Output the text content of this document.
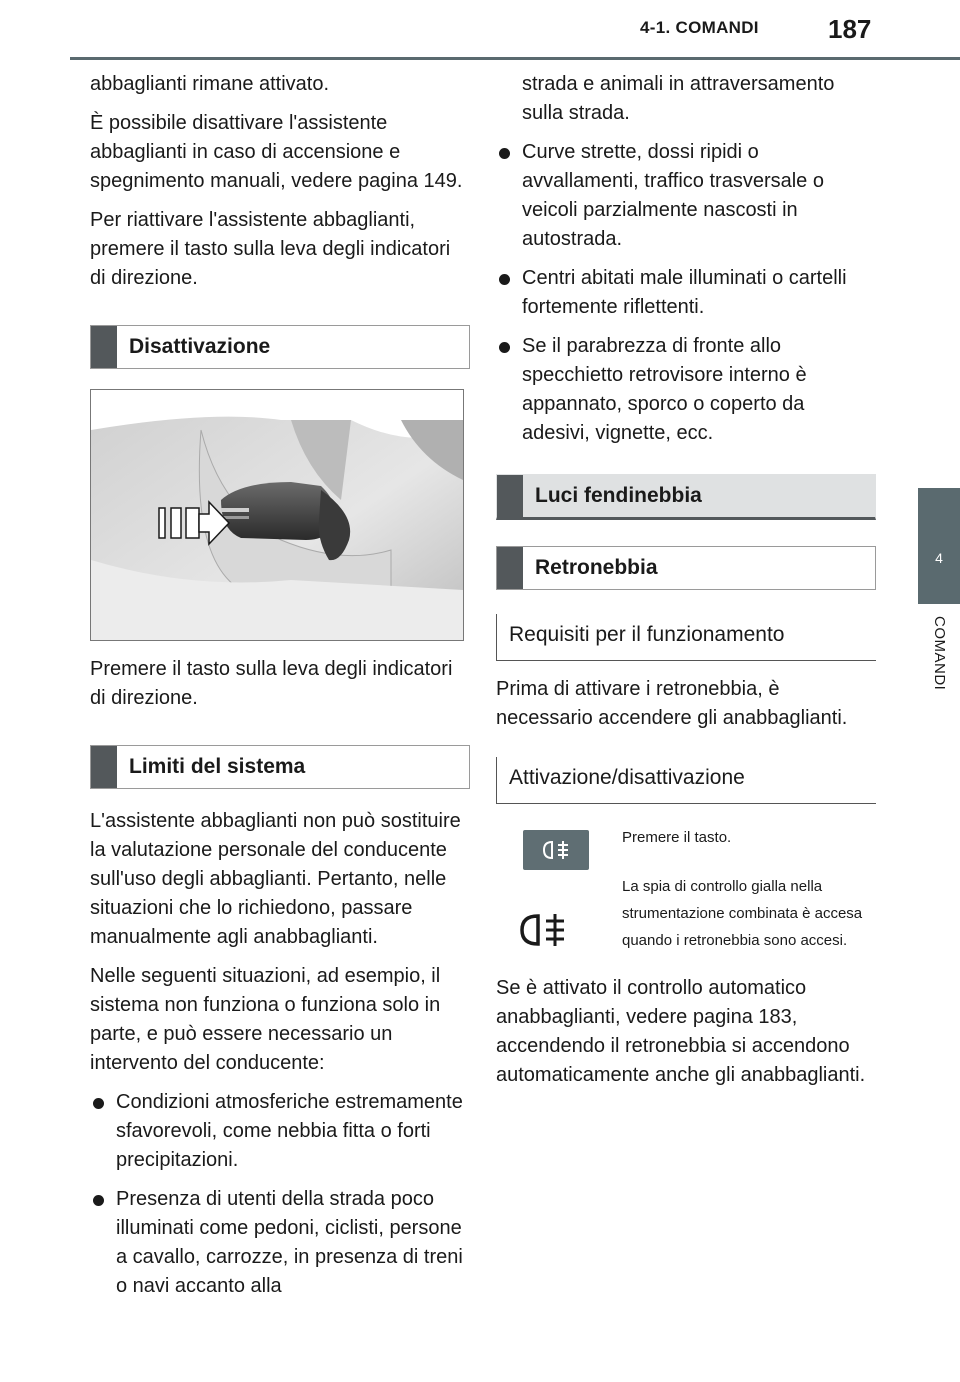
4-1. COMANDI	187
4
COMANDI

abbaglianti rimane attivato.

È possibile disattivare l'assistente abbaglianti in caso di accensione e spegnimento manuali, vedere pagina 149.

Per riattivare l'assistente abbaglianti, premere il tasto sulla leva degli indicatori di direzione.

Disattivazione

Premere il tasto sulla leva degli indicatori di direzione.

Limiti del sistema

L'assistente abbaglianti non può sostituire la valutazione personale del conducente sull'uso degli abbaglianti. Pertanto, nelle situazioni che lo richiedono, passare manualmente agli anabbaglianti.

Nelle seguenti situazioni, ad esempio, il sistema non funziona o funziona solo in parte, e può essere necessario un intervento del conducente:

Condizioni atmosferiche estremamente sfavorevoli, come nebbia fitta o forti precipitazioni.
Presenza di utenti della strada poco illuminati come pedoni, ciclisti, persone a cavallo, carrozze, in presenza di treni o navi accanto alla

strada e animali in attraversamento sulla strada.

Curve strette, dossi ripidi o avvallamenti, traffico trasversale o veicoli parzialmente nascosti in autostrada.
Centri abitati male illuminati o cartelli fortemente riflettenti.
Se il parabrezza di fronte allo specchietto retrovisore interno è appannato, sporco o coperto da adesivi, vignette, ecc.
Luci fendinebbia
Retronebbia
Requisiti per il funzionamento

Prima di attivare i retronebbia, è necessario accendere gli anabbaglianti.

Attivazione/disattivazione
Premere il tasto.
La spia di controllo gialla nella strumentazione combinata è accesa quando i retronebbia sono accesi.

Se è attivato il controllo automatico anabbaglianti, vedere pagina 183, accendendo il retronebbia si accendono automaticamente anche gli anabbaglianti.
